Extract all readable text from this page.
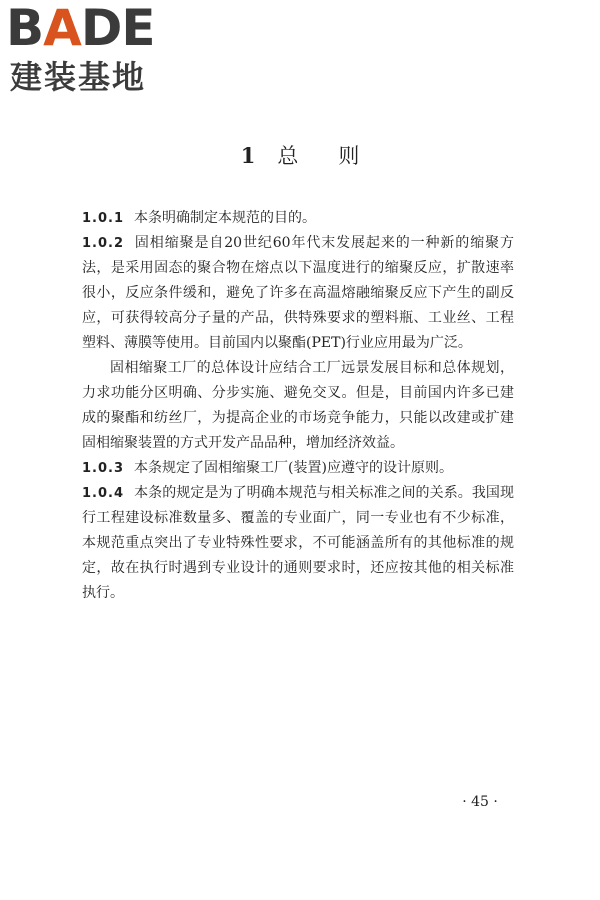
BADE
建装基地
1 总 则

1.0.1 本条明确制定本规范的目的。

1.0.2 固相缩聚是自20世纪60年代末发展起来的一种新的缩聚方法，是采用固态的聚合物在熔点以下温度进行的缩聚反应，扩散速率很小，反应条件缓和，避免了许多在高温熔融缩聚反应下产生的副反应，可获得较高分子量的产品，供特殊要求的塑料瓶、工业丝、工程塑料、薄膜等使用。目前国内以聚酯(PET)行业应用最为广泛。

固相缩聚工厂的总体设计应结合工厂远景发展目标和总体规划，力求功能分区明确、分步实施、避免交叉。但是，目前国内许多已建成的聚酯和纺丝厂，为提高企业的市场竞争能力，只能以改建或扩建固相缩聚装置的方式开发产品品种，增加经济效益。

1.0.3 本条规定了固相缩聚工厂(装置)应遵守的设计原则。

1.0.4 本条的规定是为了明确本规范与相关标准之间的关系。我国现行工程建设标准数量多、覆盖的专业面广，同一专业也有不少标准，本规范重点突出了专业特殊性要求，不可能涵盖所有的其他标准的规定，故在执行时遇到专业设计的通则要求时，还应按其他的相关标准执行。

· 45 ·
